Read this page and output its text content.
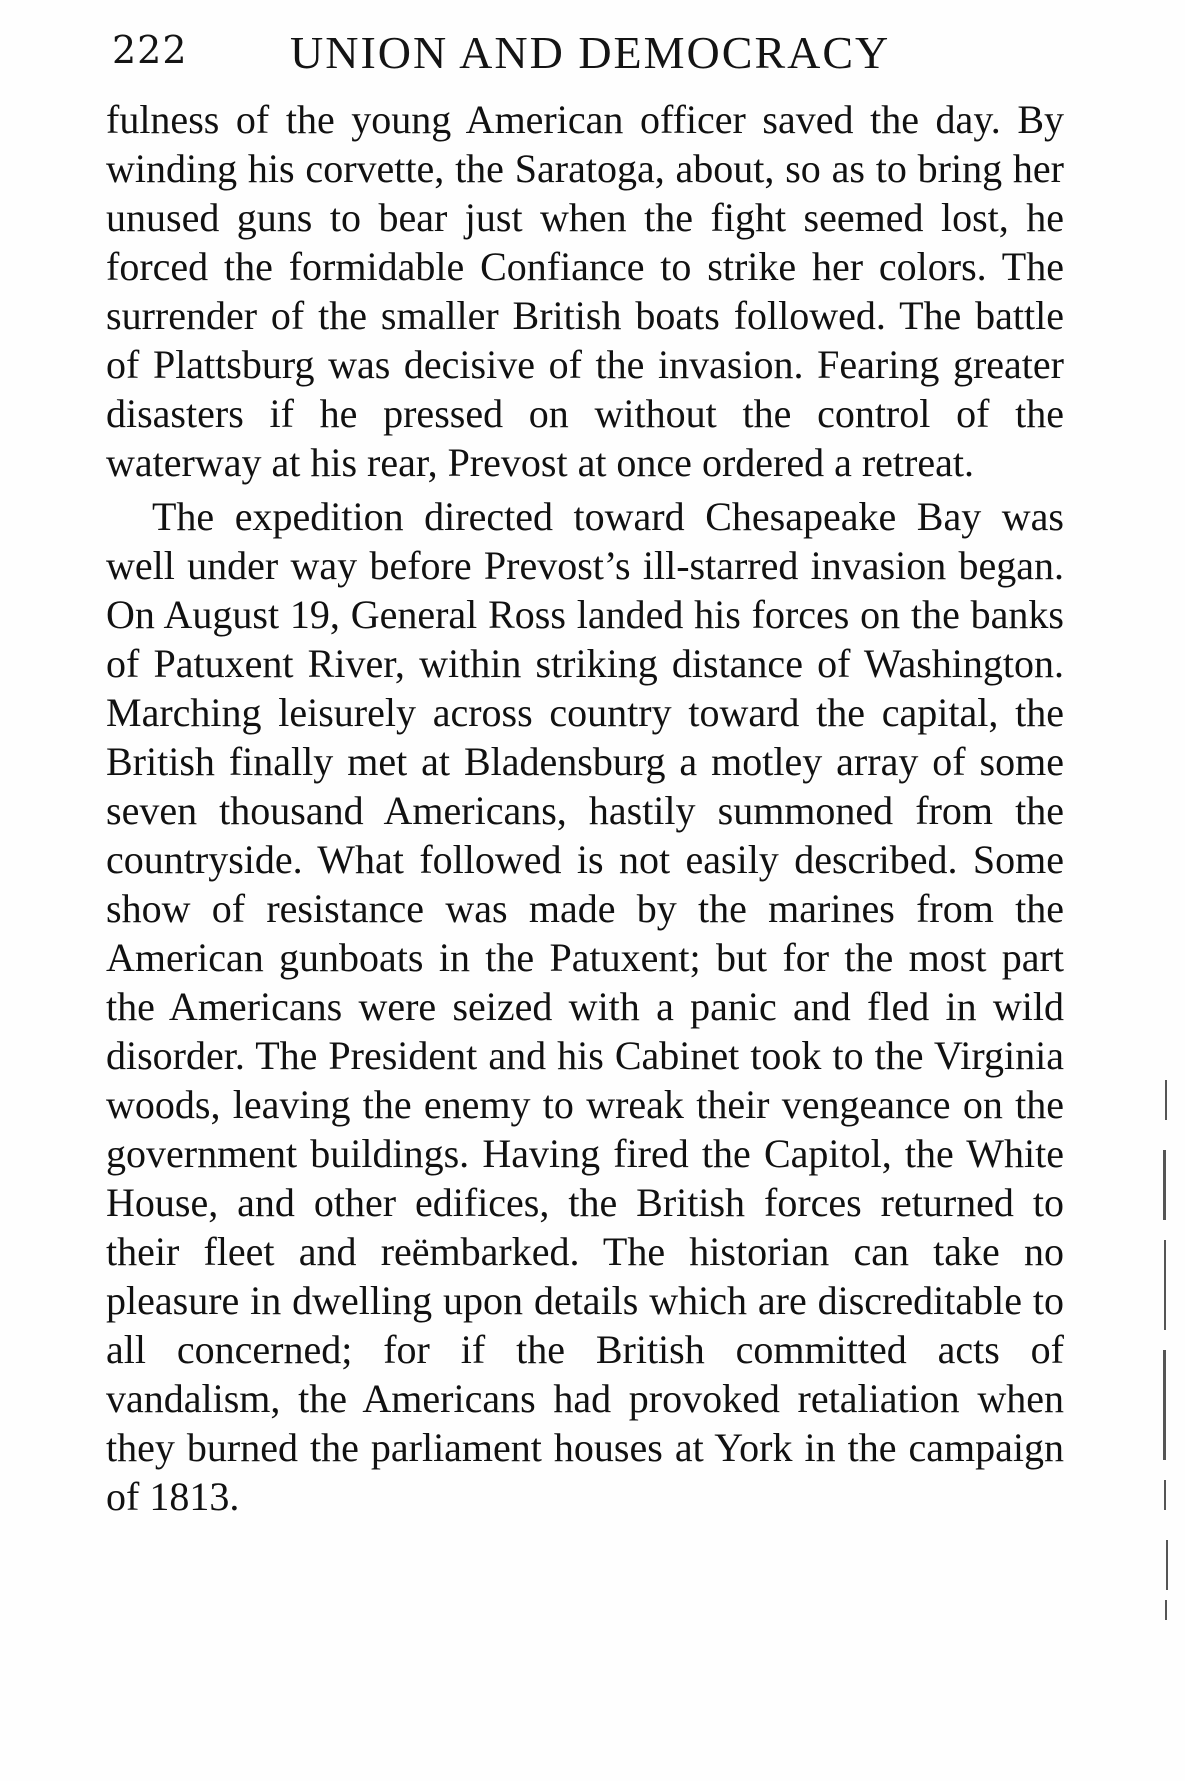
222 UNION AND DEMOCRACY

fulness of the young American officer saved the day. By winding his corvette, the Saratoga, about, so as to bring her unused guns to bear just when the fight seemed lost, he forced the formidable Confiance to strike her colors. The surrender of the smaller British boats followed. The battle of Plattsburg was decisive of the invasion. Fearing greater disasters if he pressed on without the control of the waterway at his rear, Prevost at once ordered a retreat.

The expedition directed toward Chesapeake Bay was well under way before Prevost’s ill-starred invasion began. On August 19, General Ross landed his forces on the banks of Patuxent River, within striking distance of Washington. Marching leisurely across country toward the capital, the British finally met at Bladensburg a motley array of some seven thousand Americans, hastily summoned from the countryside. What followed is not easily described. Some show of resistance was made by the marines from the American gunboats in the Patuxent; but for the most part the Americans were seized with a panic and fled in wild disorder. The President and his Cabinet took to the Virginia woods, leaving the enemy to wreak their vengeance on the government buildings. Having fired the Capitol, the White House, and other edifices, the British forces returned to their fleet and reëmbarked. The historian can take no pleasure in dwelling upon details which are discreditable to all concerned; for if the British committed acts of vandalism, the Americans had provoked retaliation when they burned the parliament houses at York in the campaign of 1813.
